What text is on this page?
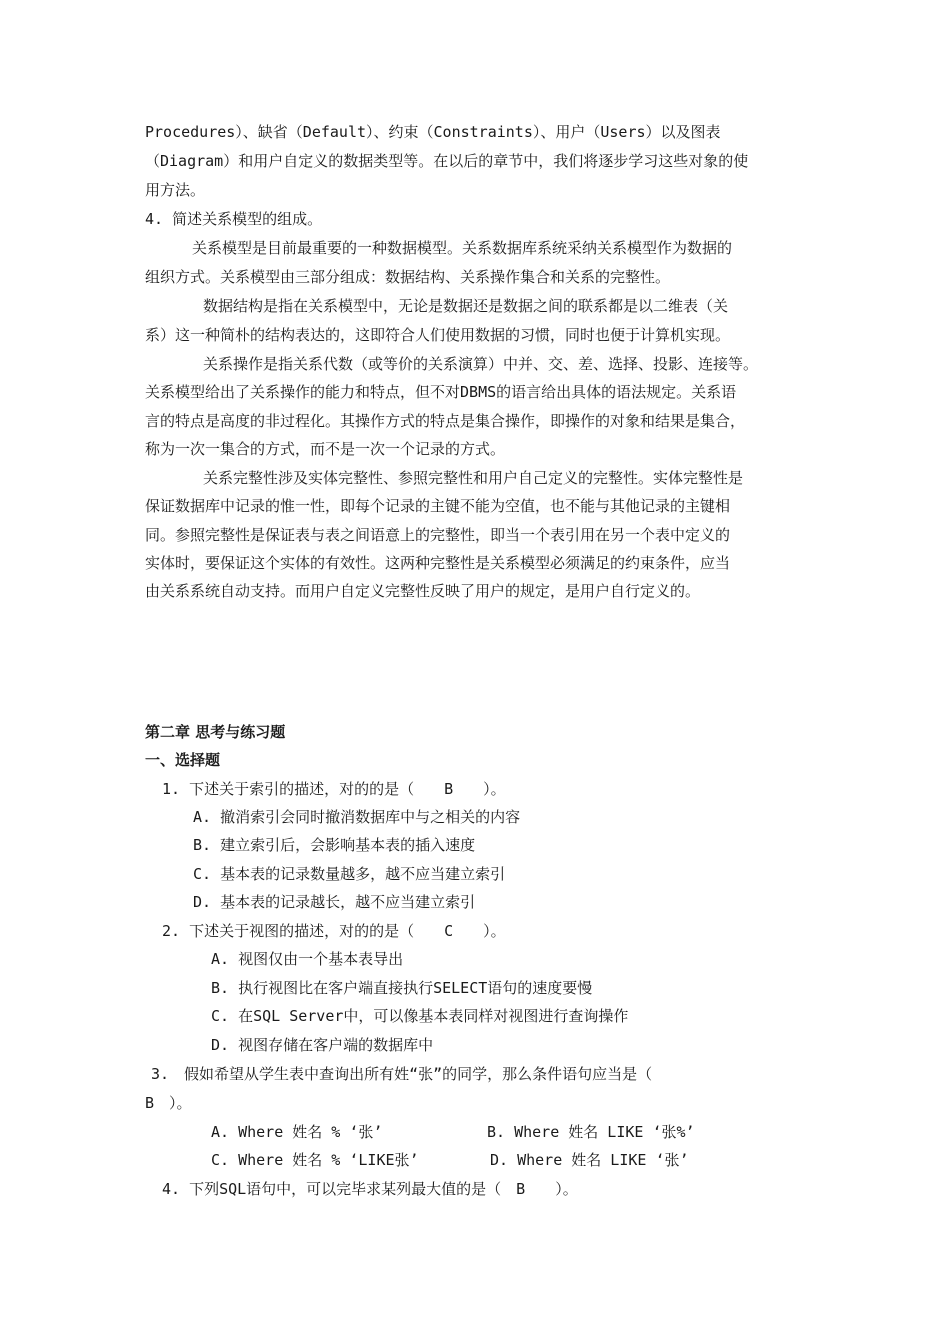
Procedures）、缺省（Default）、约束（Constraints）、用户（Users）以及图表
（Diagram）和用户自定义的数据类型等。在以后的章节中，我们将逐步学习这些对象的使
用方法。
4. 简述关系模型的组成。
关系模型是目前最重要的一种数据模型。关系数据库系统采纳关系模型作为数据的
组织方式。关系模型由三部分组成：数据结构、关系操作集合和关系的完整性。
数据结构是指在关系模型中，无论是数据还是数据之间的联系都是以二维表（关
系）这一种简朴的结构表达的，这即符合人们使用数据的习惯，同时也便于计算机实现。
关系操作是指关系代数（或等价的关系演算）中并、交、差、选择、投影、连接等。
关系模型给出了关系操作的能力和特点，但不对DBMS的语言给出具体的语法规定。关系语
言的特点是高度的非过程化。其操作方式的特点是集合操作，即操作的对象和结果是集合，
称为一次一集合的方式，而不是一次一个记录的方式。
关系完整性涉及实体完整性、参照完整性和用户自己定义的完整性。实体完整性是
保证数据库中记录的惟一性，即每个记录的主键不能为空值，也不能与其他记录的主键相
同。参照完整性是保证表与表之间语意上的完整性，即当一个表引用在另一个表中定义的
实体时，要保证这个实体的有效性。这两种完整性是关系模型必须满足的约束条件，应当
由关系系统自动支持。而用户自定义完整性反映了用户的规定，是用户自行定义的。
第二章 思考与练习题
一、选择题
1. 下述关于索引的描述，对的的是（　　B　　）。
A. 撤消索引会同时撤消数据库中与之相关的内容
B. 建立索引后，会影响基本表的插入速度
C. 基本表的记录数量越多，越不应当建立索引
D. 基本表的记录越长，越不应当建立索引
2. 下述关于视图的描述，对的的是（　　C　　）。
A. 视图仅由一个基本表导出
B. 执行视图比在客户端直接执行SELECT语句的速度要慢
C. 在SQL Server中，可以像基本表同样对视图进行查询操作
D. 视图存储在客户端的数据库中
3.　假如希望从学生表中查询出所有姓“张”的同学，那么条件语句应当是（
B　）。
A. Where 姓名 % ‘张’	B. Where 姓名 LIKE ‘张%’
C. Where 姓名 % ‘LIKE张’	D. Where 姓名 LIKE ‘张’
4. 下列SQL语句中，可以完毕求某列最大值的是（　B　　）。
